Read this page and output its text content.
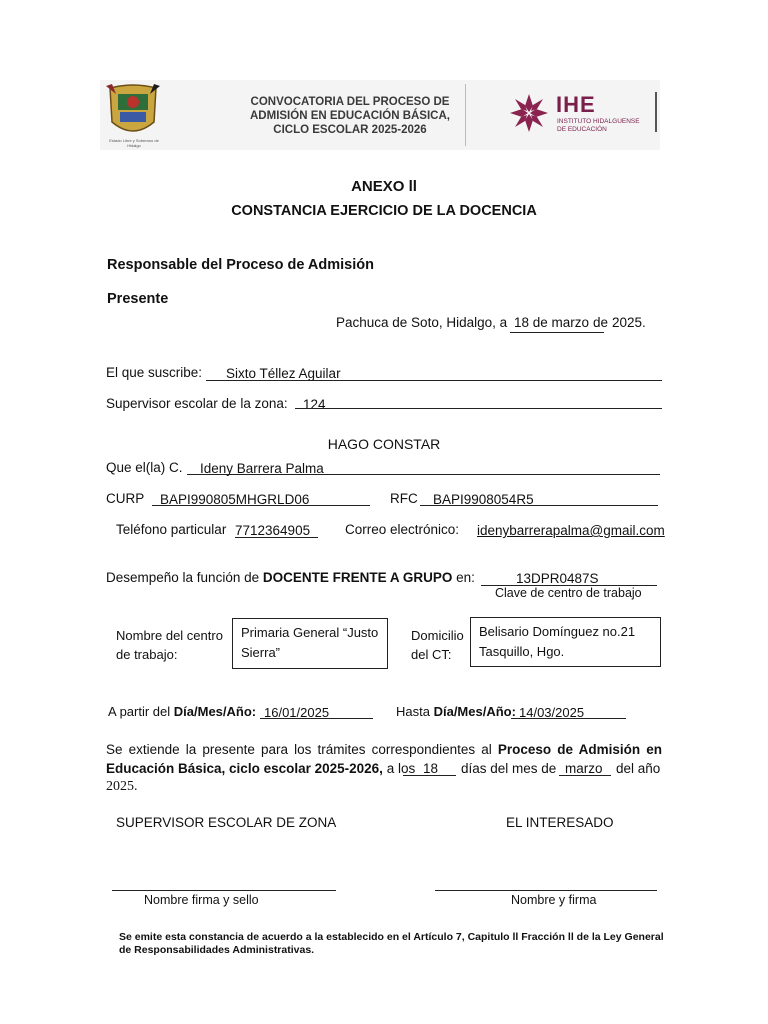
Estado Libre y Soberano de Hidalgo
CONVOCATORIA DEL PROCESO DE
ADMISIÓN EN EDUCACIÓN BÁSICA,
CICLO ESCOLAR 2025-2026
IHE
INSTITUTO HIDALGUENSE
DE EDUCACIÓN
ANEXO ll
CONSTANCIA EJERCICIO DE LA DOCENCIA
Responsable del Proceso de Admisión
Presente
Pachuca de Soto, Hidalgo, a 18 de marzo de 2025.
El que suscribe: Sixto Téllez Aguilar
Supervisor escolar de la zona: 124
HAGO CONSTAR
Que el(la) C. Ideny Barrera Palma
CURP BAPI990805MHGRLD06	RFC BAPI9908054R5
Teléfono particular 7712364905	Correo electrónico: idenybarrerapalma@gmail.com
Desempeño la función de DOCENTE FRENTE A GRUPO en:	13DPR0487S
Clave de centro de trabajo
Nombre del centro
de trabajo:
Primaria General “Justo Sierra”
Domicilio
del CT:
Belisario Domínguez no.21
Tasquillo, Hgo.
A partir del Día/Mes/Año: 16/01/2025	Hasta Día/Mes/Año: 14/03/2025
Se extiende la presente para los trámites correspondientes al Proceso de Admisión en
Educación Básica, ciclo escolar 2025-2026, a los 18 días del mes de marzo del año
2025.
SUPERVISOR ESCOLAR DE ZONA	EL INTERESADO
Nombre firma y sello	Nombre y firma
Se emite esta constancia de acuerdo a la establecido en el Artículo 7, Capitulo ll Fracción ll de la Ley General
de Responsabilidades Administrativas.
